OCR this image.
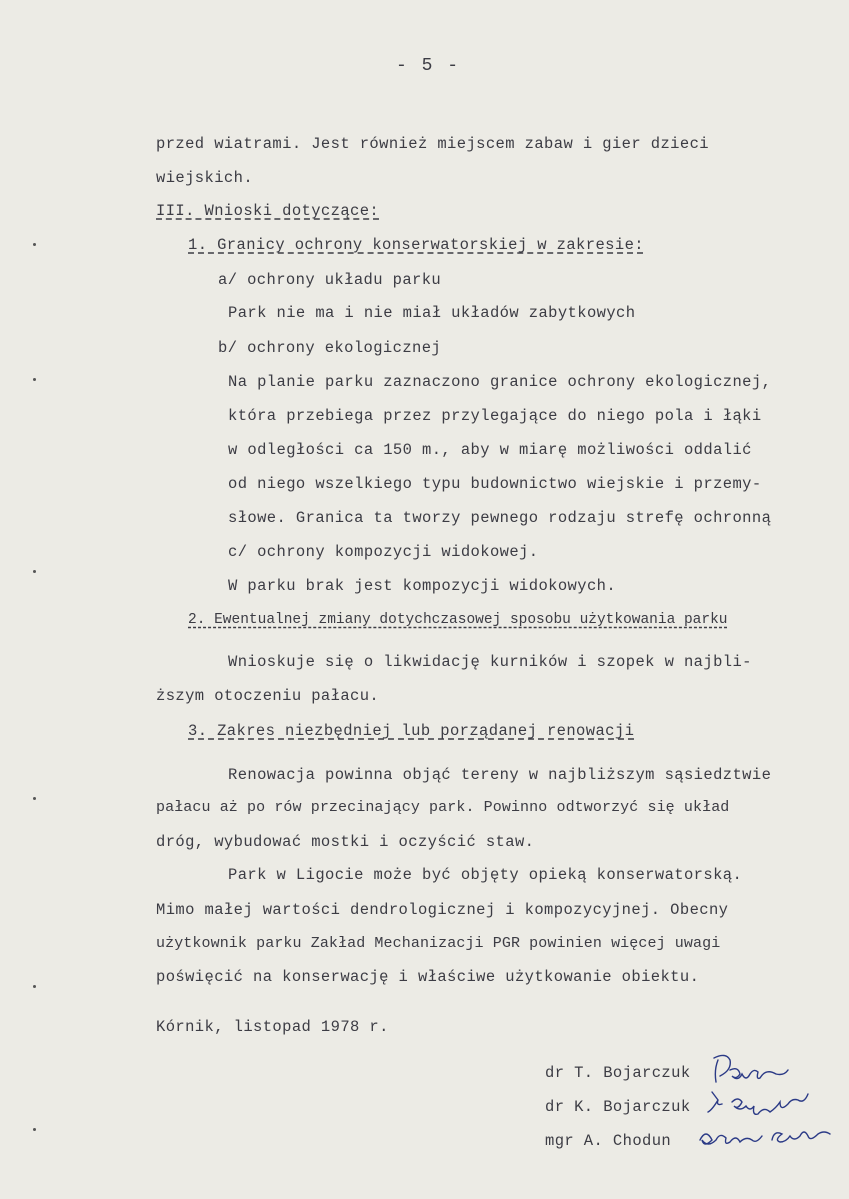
- 5 -
przed wiatrami. Jest również miejscem zabaw i gier dzieci
wiejskich.
III. Wnioski dotyczące:
1. Granicy ochrony konserwatorskiej w zakresie:
a/ ochrony układu parku
Park nie ma i nie miał układów zabytkowych
b/ ochrony ekologicznej
Na planie parku zaznaczono granice ochrony ekologicznej,
która przebiega przez przylegające do niego pola i łąki
w odległości ca 150 m., aby w miarę możliwości oddalić
od niego wszelkiego typu budownictwo wiejskie i przemy-
słowe. Granica ta tworzy pewnego rodzaju strefę ochronną
c/ ochrony kompozycji widokowej.
W parku brak jest kompozycji widokowych.
2. Ewentualnej zmiany dotychczasowej sposobu użytkowania parku
Wnioskuje się o likwidację kurników i szopek w najbli-
ższym otoczeniu pałacu.
3. Zakres niezbędniej lub porządanej renowacji
Renowacja powinna objąć tereny w najbliższym sąsiedztwie
pałacu aż po rów przecinający park. Powinno odtworzyć się układ
dróg, wybudować mostki i oczyścić staw.
Park w Ligocie może być objęty opieką konserwatorską.
Mimo małej wartości dendrologicznej i kompozycyjnej. Obecny
użytkownik parku Zakład Mechanizacji PGR powinien więcej uwagi
poświęcić na konserwację i właściwe użytkowanie obiektu.
Kórnik, listopad 1978 r.
dr T. Bojarczuk
dr K. Bojarczuk
mgr A. Chodun
